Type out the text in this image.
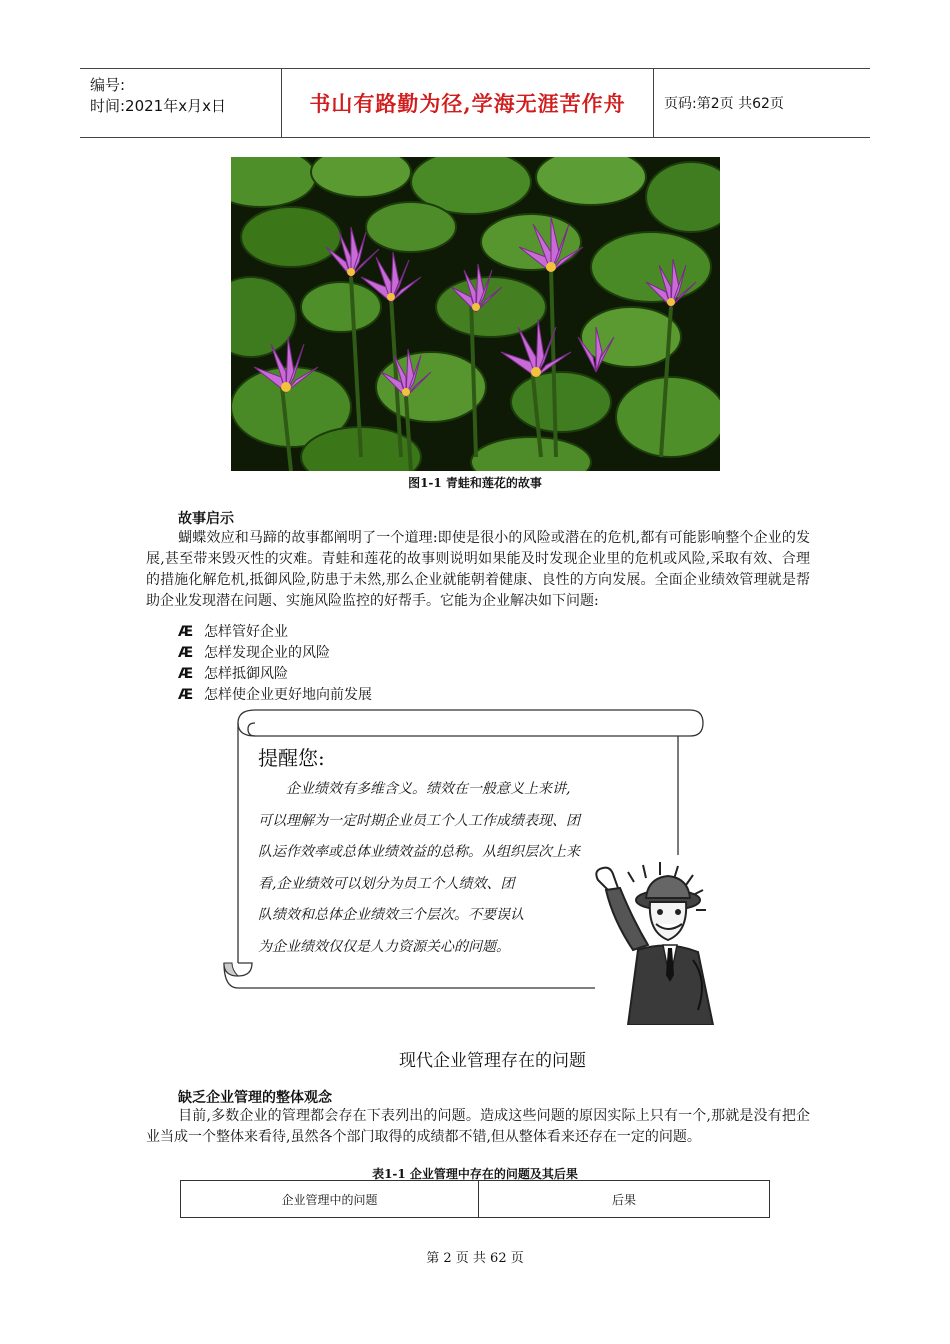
编号:
时间:2021年x月x日	书山有路勤为径,学海无涯苦作舟	页码:第2页 共62页
图1-1 青蛙和莲花的故事
故事启示
蝴蝶效应和马蹄的故事都阐明了一个道理:即使是很小的风险或潜在的危机,都有可能影响整个企业的发展,甚至带来毁灭性的灾难。青蛙和莲花的故事则说明如果能及时发现企业里的危机或风险,采取有效、合理的措施化解危机,抵御风险,防患于未然,那么企业就能朝着健康、良性的方向发展。全面企业绩效管理就是帮助企业发现潜在问题、实施风险监控的好帮手。它能为企业解决如下问题:
Æ 怎样管好企业
Æ 怎样发现企业的风险
Æ 怎样抵御风险
Æ 怎样使企业更好地向前发展
提醒您:
企业绩效有多维含义。绩效在一般意义上来讲,
可以理解为一定时期企业员工个人工作成绩表现、团
队运作效率或总体业绩效益的总称。从组织层次上来
看,企业绩效可以划分为员工个人绩效、团
队绩效和总体企业绩效三个层次。不要误认
为企业绩效仅仅是人力资源关心的问题。
现代企业管理存在的问题
缺乏企业管理的整体观念
目前,多数企业的管理都会存在下表列出的问题。造成这些问题的原因实际上只有一个,那就是没有把企业当成一个整体来看待,虽然各个部门取得的成绩都不错,但从整体看来还存在一定的问题。
表1-1 企业管理中存在的问题及其后果
企业管理中的问题	后果
第 2 页 共 62 页
